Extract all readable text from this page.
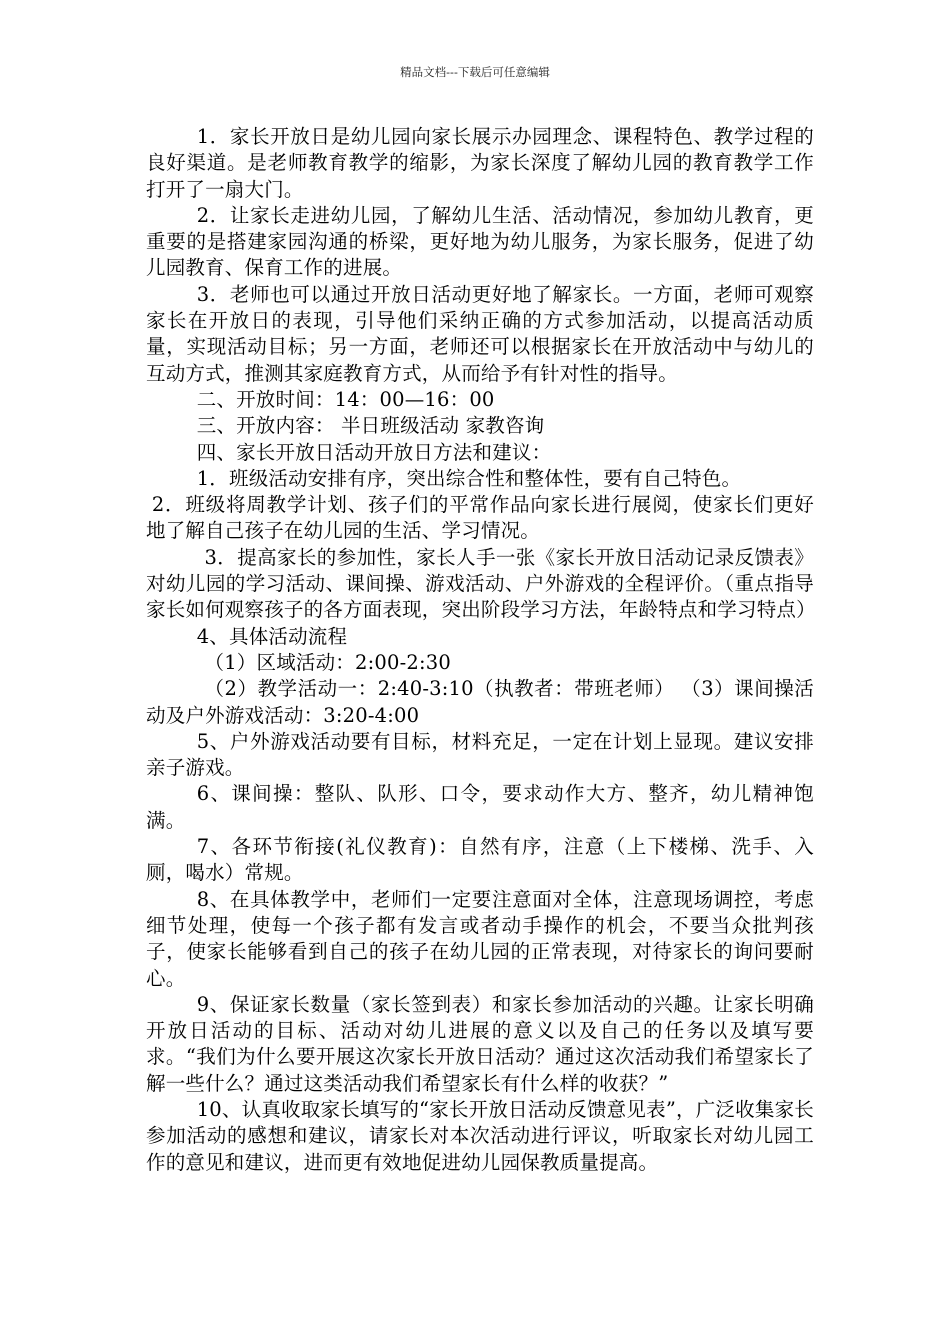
精品文档---下载后可任意编辑

1．家长开放日是幼儿园向家长展示办园理念、课程特色、教学过程的良好渠道。是老师教育教学的缩影，为家长深度了解幼儿园的教育教学工作打开了一扇大门。

2．让家长走进幼儿园，了解幼儿生活、活动情况，参加幼儿教育，更重要的是搭建家园沟通的桥梁，更好地为幼儿服务，为家长服务，促进了幼儿园教育、保育工作的进展。

3．老师也可以通过开放日活动更好地了解家长。一方面，老师可观察家长在开放日的表现，引导他们采纳正确的方式参加活动，以提高活动质量，实现活动目标；另一方面，老师还可以根据家长在开放活动中与幼儿的互动方式，推测其家庭教育方式，从而给予有针对性的指导。

二、开放时间：14：00—16：00

三、开放内容： 半日班级活动 家教咨询

四、家长开放日活动开放日方法和建议：

1．班级活动安排有序，突出综合性和整体性，要有自己特色。

2．班级将周教学计划、孩子们的平常作品向家长进行展阅，使家长们更好地了解自己孩子在幼儿园的生活、学习情况。

3．提高家长的参加性，家长人手一张《家长开放日活动记录反馈表》对幼儿园的学习活动、课间操、游戏活动、户外游戏的全程评价。（重点指导家长如何观察孩子的各方面表现，突出阶段学习方法，年龄特点和学习特点）

4、具体活动流程

（1）区域活动：2:00-2:30

（2）教学活动一：2:40-3:10（执教者：带班老师） （3）课间操活动及户外游戏活动：3:20-4:00

5、户外游戏活动要有目标，材料充足，一定在计划上显现。建议安排亲子游戏。

6、课间操：整队、队形、口令，要求动作大方、整齐，幼儿精神饱满。

7、各环节衔接(礼仪教育)：自然有序，注意（上下楼梯、洗手、入厕，喝水）常规。

8、在具体教学中，老师们一定要注意面对全体，注意现场调控，考虑细节处理，使每一个孩子都有发言或者动手操作的机会，不要当众批判孩子，使家长能够看到自己的孩子在幼儿园的正常表现，对待家长的询问要耐心。

9、保证家长数量（家长签到表）和家长参加活动的兴趣。让家长明确开放日活动的目标、活动对幼儿进展的意义以及自己的任务以及填写要求。“我们为什么要开展这次家长开放日活动？通过这次活动我们希望家长了解一些什么？通过这类活动我们希望家长有什么样的收获？”

10、认真收取家长填写的“家长开放日活动反馈意见表”，广泛收集家长参加活动的感想和建议，请家长对本次活动进行评议，听取家长对幼儿园工作的意见和建议，进而更有效地促进幼儿园保教质量提高。
